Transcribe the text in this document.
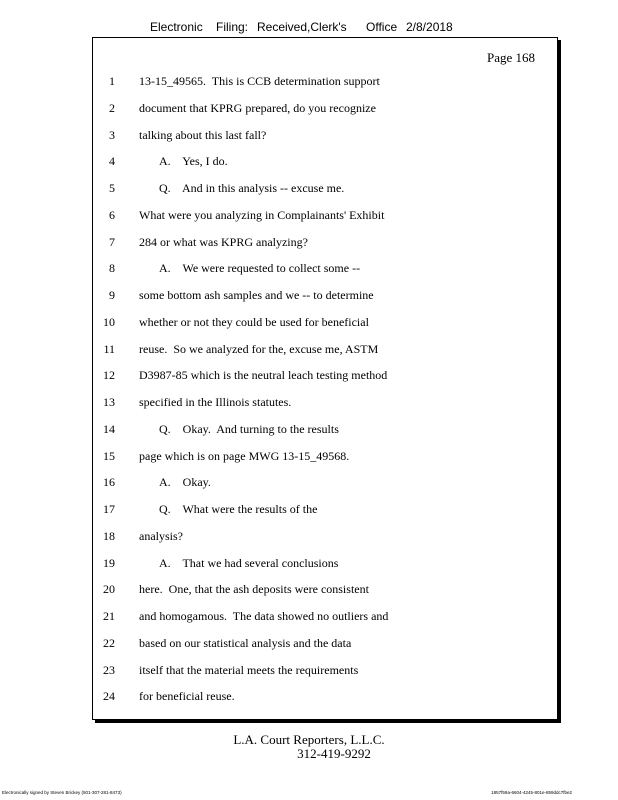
Electronic Filing: Received,Clerk's Office 2/8/2018
Page 168
1 13-15_49565.  This is CCB determination support
2 document that KPRG prepared, do you recognize
3 talking about this last fall?
4	A.    Yes, I do.
5	Q.    And in this analysis -- excuse me.
6 What were you analyzing in Complainants' Exhibit
7 284 or what was KPRG analyzing?
8	A.    We were requested to collect some --
9 some bottom ash samples and we -- to determine
10 whether or not they could be used for beneficial
11 reuse.  So we analyzed for the, excuse me, ASTM
12 D3987-85 which is the neutral leach testing method
13 specified in the Illinois statutes.
14	Q.    Okay.  And turning to the results
15 page which is on page MWG 13-15_49568.
16	A.    Okay.
17	Q.    What were the results of the
18 analysis?
19	A.    That we had several conclusions
20 here.  One, that the ash deposits were consistent
21 and homogamous.  The data showed no outliers and
22 based on our statistical analysis and the data
23 itself that the material meets the requirements
24 for beneficial reuse.
L.A. Court Reporters, L.L.C.
312-419-9292
Electronically signed by Steven Brickey (501-307-281-8473)	1857f59a-6604-4245-801e-859ddc7fbe2
